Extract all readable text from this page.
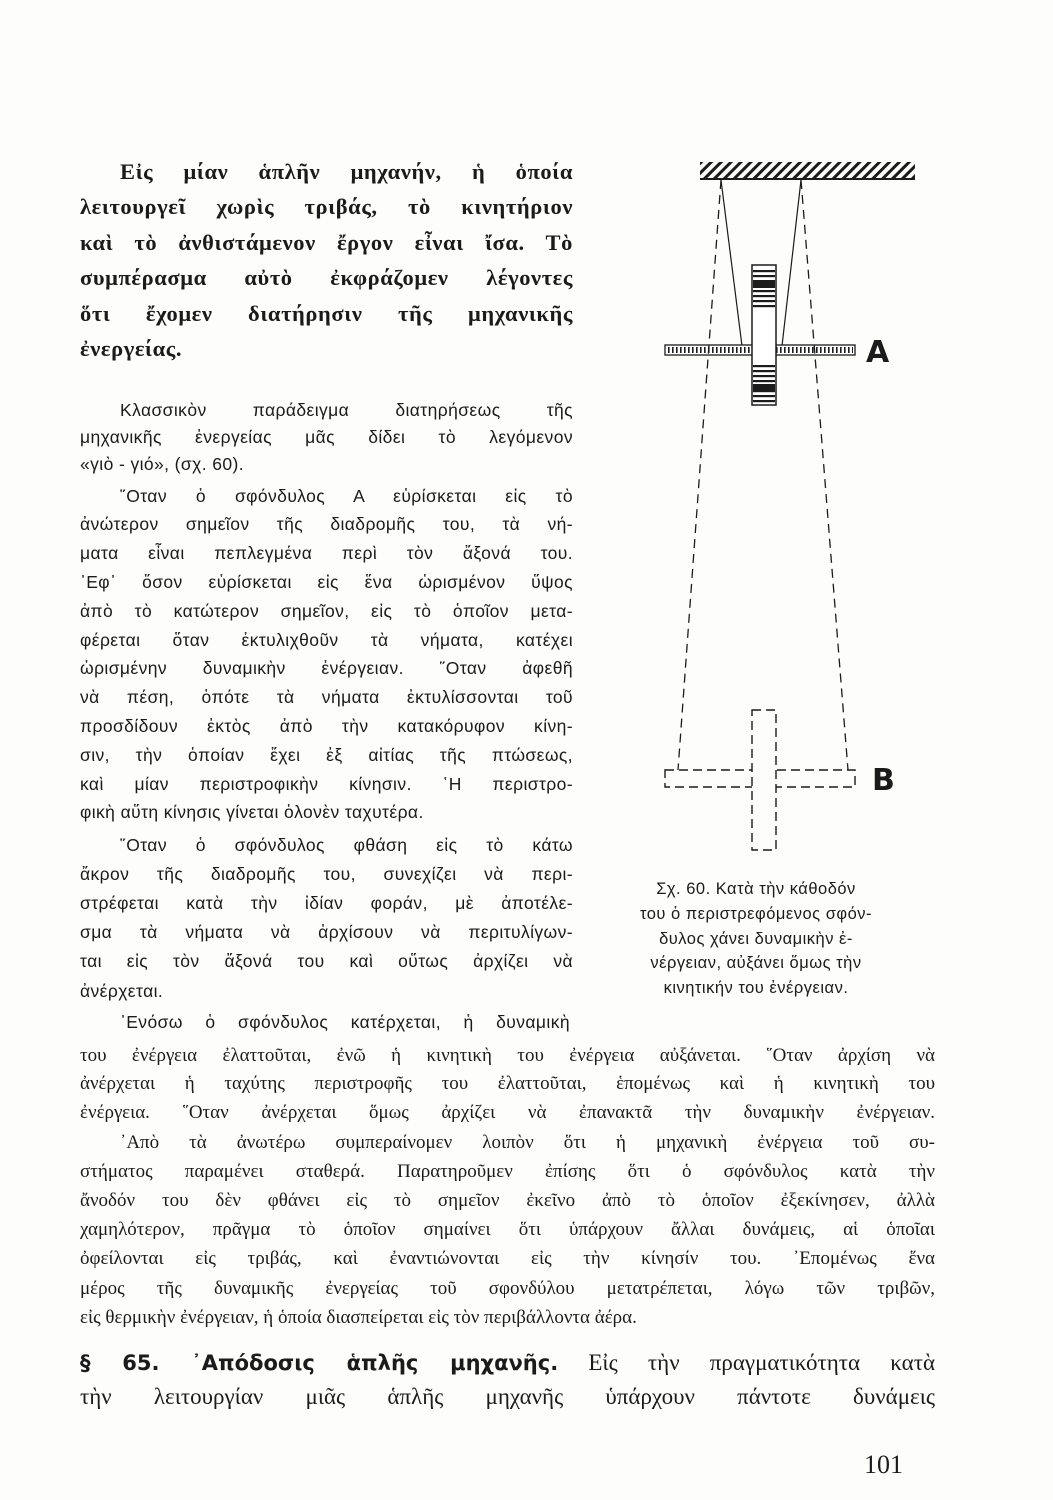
Εἰς μίαν ἁπλῆν μηχανήν, ἡ ὁποία
λειτουργεῖ χωρὶς τριβάς, τὸ κινητήριον
καὶ τὸ ἀνθιστάμενον ἔργον εἶναι ἴσα. Τὸ
συμπέρασμα αὐτὸ ἐκφράζομεν λέγοντες
ὅτι ἔχομεν διατήρησιν τῆς μηχανικῆς
ἐνεργείας.
Κλασσικὸν παράδειγμα διατηρήσεως τῆς
μηχανικῆς ἐνεργείας μᾶς δίδει τὸ λεγόμενον
«γιὸ - γιό», (σχ. 60).
῞Οταν ὁ σφόνδυλος Α εὑρίσκεται εἰς τὸ
ἀνώτερον σημεῖον τῆς διαδρομῆς του, τὰ νή-
ματα εἶναι πεπλεγμένα περὶ τὸν ἄξονά του.
᾿Εφ᾿ ὅσον εὑρίσκεται εἰς ἕνα ὡρισμένον ὕψος
ἀπὸ τὸ κατώτερον σημεῖον, εἰς τὸ ὁποῖον μετα-
φέρεται ὅταν ἐκτυλιχθοῦν τὰ νήματα, κατέχει
ὡρισμένην δυναμικὴν ἐνέργειαν. ῞Οταν ἀφεθῆ
νὰ πέση, ὁπότε τὰ νήματα ἐκτυλίσσονται τοῦ
προσδίδουν ἐκτὸς ἀπὸ τὴν κατακόρυφον κίνη-
σιν, τὴν ὁποίαν ἔχει ἐξ αἰτίας τῆς πτώσεως,
καὶ μίαν περιστροφικὴν κίνησιν. ῾Η περιστρο-
φικὴ αὕτη κίνησις γίνεται ὁλονὲν ταχυτέρα.
῞Οταν ὁ σφόνδυλος φθάση εἰς τὸ κάτω
ἄκρον τῆς διαδρομῆς του, συνεχίζει νὰ περι-
στρέφεται κατὰ τὴν ἰδίαν φοράν, μὲ ἀποτέλε-
σμα τὰ νήματα νὰ ἀρχίσουν νὰ περιτυλίγων-
ται εἰς τὸν ἄξονά του καὶ οὕτως ἀρχίζει νὰ
ἀνέρχεται.
᾿Ενόσω ὁ σφόνδυλος κατέρχεται, ἡ δυναμικὴ
του ἐνέργεια ἐλαττοῦται, ἐνῶ ἡ κινητικὴ του ἐνέργεια αὐξάνεται. ῞Οταν ἀρχίση νὰ
ἀνέρχεται ἡ ταχύτης περιστροφῆς του ἐλαττοῦται, ἑπομένως καὶ ἡ κινητικὴ του
ἐνέργεια. ῞Οταν ἀνέρχεται ὅμως ἀρχίζει νὰ ἐπανακτᾶ τὴν δυναμικὴν ἐνέργειαν.
᾿Απὸ τὰ ἀνωτέρω συμπεραίνομεν λοιπὸν ὅτι ἡ μηχανικὴ ἐνέργεια τοῦ συ-
στήματος παραμένει σταθερά. Παρατηροῦμεν ἐπίσης ὅτι ὁ σφόνδυλος κατὰ τὴν
ἄνοδόν του δὲν φθάνει εἰς τὸ σημεῖον ἐκεῖνο ἀπὸ τὸ ὁποῖον ἐξεκίνησεν, ἀλλὰ
χαμηλότερον, πρᾶγμα τὸ ὁποῖον σημαίνει ὅτι ὑπάρχουν ἄλλαι δυνάμεις, αἱ ὁποῖαι
ὀφείλονται εἰς τριβάς, καὶ ἐναντιώνονται εἰς τὴν κίνησίν του. ᾿Επομένως ἕνα
μέρος τῆς δυναμικῆς ἐνεργείας τοῦ σφονδύλου μετατρέπεται, λόγω τῶν τριβῶν,
εἰς θερμικὴν ἐνέργειαν, ἡ ὁποία διασπείρεται εἰς τὸν περιβάλλοντα ἀέρα.
§ 65. ᾿Απόδοσις ἁπλῆς μηχανῆς. Εἰς τὴν πραγματικότητα κατὰ
τὴν λειτουργίαν μιᾶς ἁπλῆς μηχανῆς ὑπάρχουν πάντοτε δυνάμεις
A
B
Σχ. 60. Κατὰ τὴν κάθοδόν
του ὁ περιστρεφόμενος σφόν-
δυλος χάνει δυναμικὴν ἐ-
νέργειαν, αὐξάνει ὅμως τὴν
κινητικήν του ἐνέργειαν.
101
